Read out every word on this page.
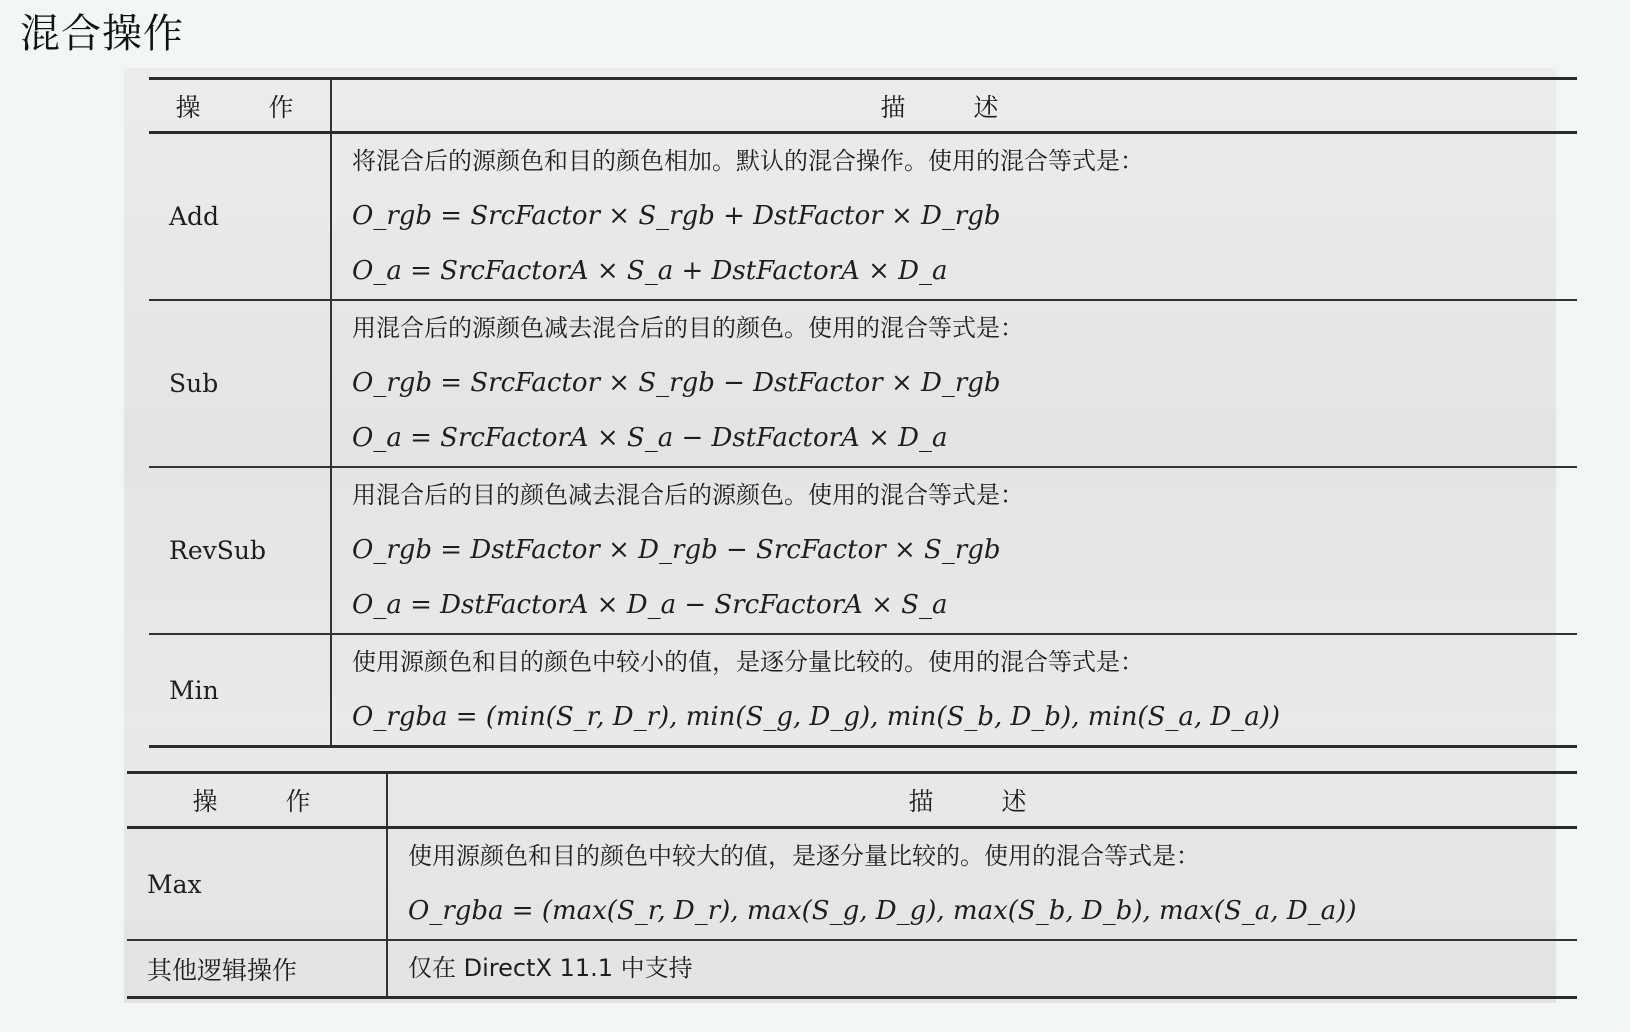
混合操作
操 作	描 述
Add	将混合后的源颜色和目的颜色相加。默认的混合操作。使用的混合等式是：
O_rgb = SrcFactor × S_rgb + DstFactor × D_rgb
O_a = SrcFactorA × S_a + DstFactorA × D_a

Sub	用混合后的源颜色减去混合后的目的颜色。使用的混合等式是：
O_rgb = SrcFactor × S_rgb − DstFactor × D_rgb
O_a = SrcFactorA × S_a − DstFactorA × D_a

RevSub	用混合后的目的颜色减去混合后的源颜色。使用的混合等式是：
O_rgb = DstFactor × D_rgb − SrcFactor × S_rgb
O_a = DstFactorA × D_a − SrcFactorA × S_a

Min	使用源颜色和目的颜色中较小的值，是逐分量比较的。使用的混合等式是：
O_rgba = (min(S_r, D_r), min(S_g, D_g), min(S_b, D_b), min(S_a, D_a))
操 作	描 述
Max	使用源颜色和目的颜色中较大的值，是逐分量比较的。使用的混合等式是：
O_rgba = (max(S_r, D_r), max(S_g, D_g), max(S_b, D_b), max(S_a, D_a))

其他逻辑操作	仅在 DirectX 11.1 中支持
